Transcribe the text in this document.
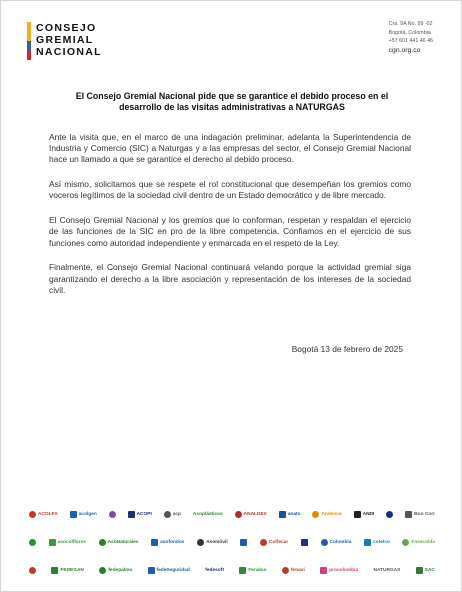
CONSEJO
GREMIAL
NACIONAL
Cra. 9A No. 99 -02
Bogotá, Colombia
+57 601 441 46 46
cgn.org.co
El Consejo Gremial Nacional pide que se garantice el debido proceso en el desarrollo de las visitas administrativas a NATURGAS

Ante la visita que, en el marco de una indagación preliminar, adelanta la Superintendencia de Industria y Comercio (SIC) a Naturgas y a las empresas del sector, el Consejo Gremial Nacional hace un llamado a que se garantice el derecho al debido proceso.

Así mismo, solicitamos que se respete el rol constitucional que desempeñan los gremios como voceros legítimos de la sociedad civil dentro de un Estado democrático y de libre mercado.

El Consejo Gremial Nacional y los gremios que lo conforman, respetan y respaldan el ejercicio de las funciones de la SIC en pro de la libre competencia. Confiamos en el ejercicio de sus funciones como autoridad independiente y enmarcada en el respeto de la Ley.

Finalmente, el Consejo Gremial Nacional continuará velando porque la actividad gremial siga garantizando el derecho a la libre asociación y representación de los intereses de la sociedad civil.

Bogotá 13 de febrero de 2025
ACOLFA	acolgen	ACOPI	acp Acoplásticos	ANALDEX	anato	Andesco	ANDI	Bon Corr
asocolflores	AsoNaturales	asofondos	Asomóvil	Colfecar	Colombia	cotelco	Fasecolda
FEDEGAN	fedepalma	fedeSeguridad	fedesoft	Fenalco	fenavi	procolombia	NATURGAS	SAC
